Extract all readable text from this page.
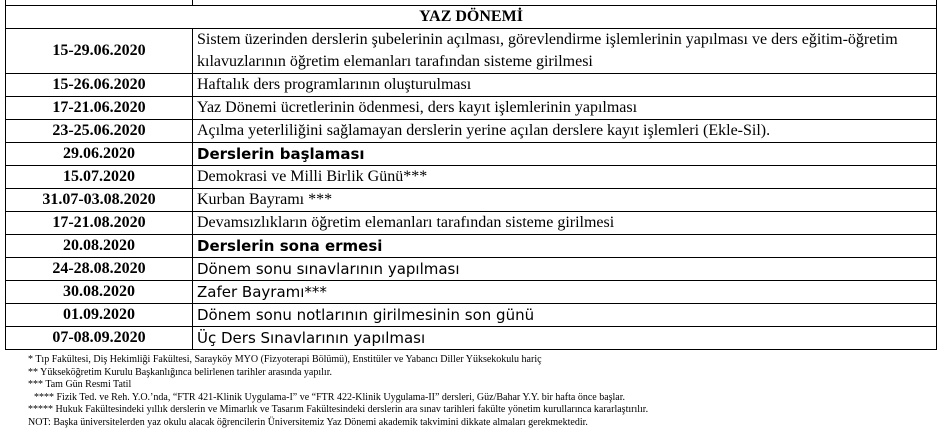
YAZ DÖNEMİ	
15-29.06.2020	Sistem üzerinden derslerin şubelerinin açılması, görevlendirme işlemlerinin yapılması ve ders eğitim-öğretim kılavuzlarının öğretim elemanları tarafından sisteme girilmesi
15-26.06.2020	Haftalık ders programlarının oluşturulması
17-21.06.2020	Yaz Dönemi ücretlerinin ödenmesi, ders kayıt işlemlerinin yapılması
23-25.06.2020	Açılma yeterliliğini sağlamayan derslerin yerine açılan derslere kayıt işlemleri (Ekle-Sil).
29.06.2020	Derslerin başlaması
15.07.2020	Demokrasi ve Milli Birlik Günü***
31.07-03.08.2020	Kurban Bayramı ***
17-21.08.2020	Devamsızlıkların öğretim elemanları tarafından sisteme girilmesi
20.08.2020	Derslerin sona ermesi
24-28.08.2020	Dönem sonu sınavlarının yapılması
30.08.2020	Zafer Bayramı***
01.09.2020	Dönem sonu notlarının girilmesinin son günü
07-08.09.2020	Üç Ders Sınavlarının yapılması
* Tıp Fakültesi, Diş Hekimliği Fakültesi, Sarayköy MYO (Fizyoterapi Bölümü), Enstitüler ve Yabancı Diller Yüksekokulu hariç
** Yükseköğretim Kurulu Başkanlığınca belirlenen tarihler arasında yapılır.
*** Tam Gün Resmi Tatil
**** Fizik Ted. ve Reh. Y.O.’nda, “FTR 421-Klinik Uygulama-I” ve “FTR 422-Klinik Uygulama-II” dersleri, Güz/Bahar Y.Y. bir hafta önce başlar.
***** Hukuk Fakültesindeki yıllık derslerin ve Mimarlık ve Tasarım Fakültesindeki derslerin ara sınav tarihleri fakülte yönetim kurullarınca kararlaştırılır.
NOT: Başka üniversitelerden yaz okulu alacak öğrencilerin Üniversitemiz Yaz Dönemi akademik takvimini dikkate almaları gerekmektedir.
